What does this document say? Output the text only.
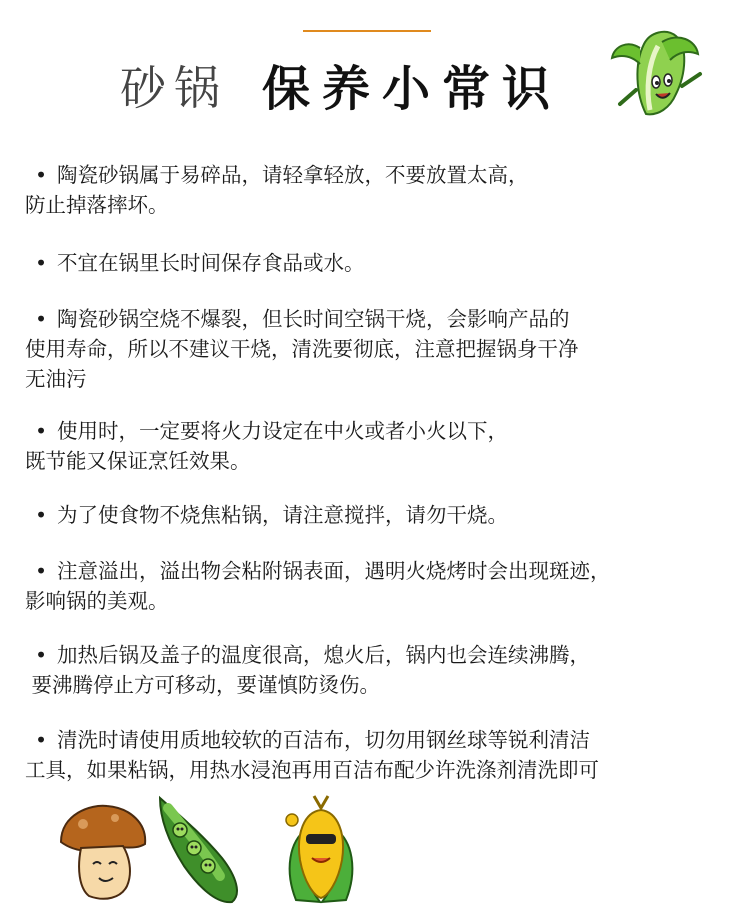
砂锅 保养小常识

• 陶瓷砂锅属于易碎品，请轻拿轻放，不要放置太高，
防止掉落摔坏。

• 不宜在锅里长时间保存食品或水。

• 陶瓷砂锅空烧不爆裂，但长时间空锅干烧，会影响产品的
使用寿命，所以不建议干烧，清洗要彻底，注意把握锅身干净
无油污

• 使用时，一定要将火力设定在中火或者小火以下，
既节能又保证烹饪效果。

• 为了使食物不烧焦粘锅，请注意搅拌，请勿干烧。

• 注意溢出，溢出物会粘附锅表面，遇明火烧烤时会出现斑迹，
影响锅的美观。

• 加热后锅及盖子的温度很高，熄火后，锅内也会连续沸腾，
要沸腾停止方可移动，要谨慎防烫伤。

• 清洗时请使用质地较软的百洁布，切勿用钢丝球等锐利清洁
工具，如果粘锅，用热水浸泡再用百洁布配少许洗涤剂清洗即可
